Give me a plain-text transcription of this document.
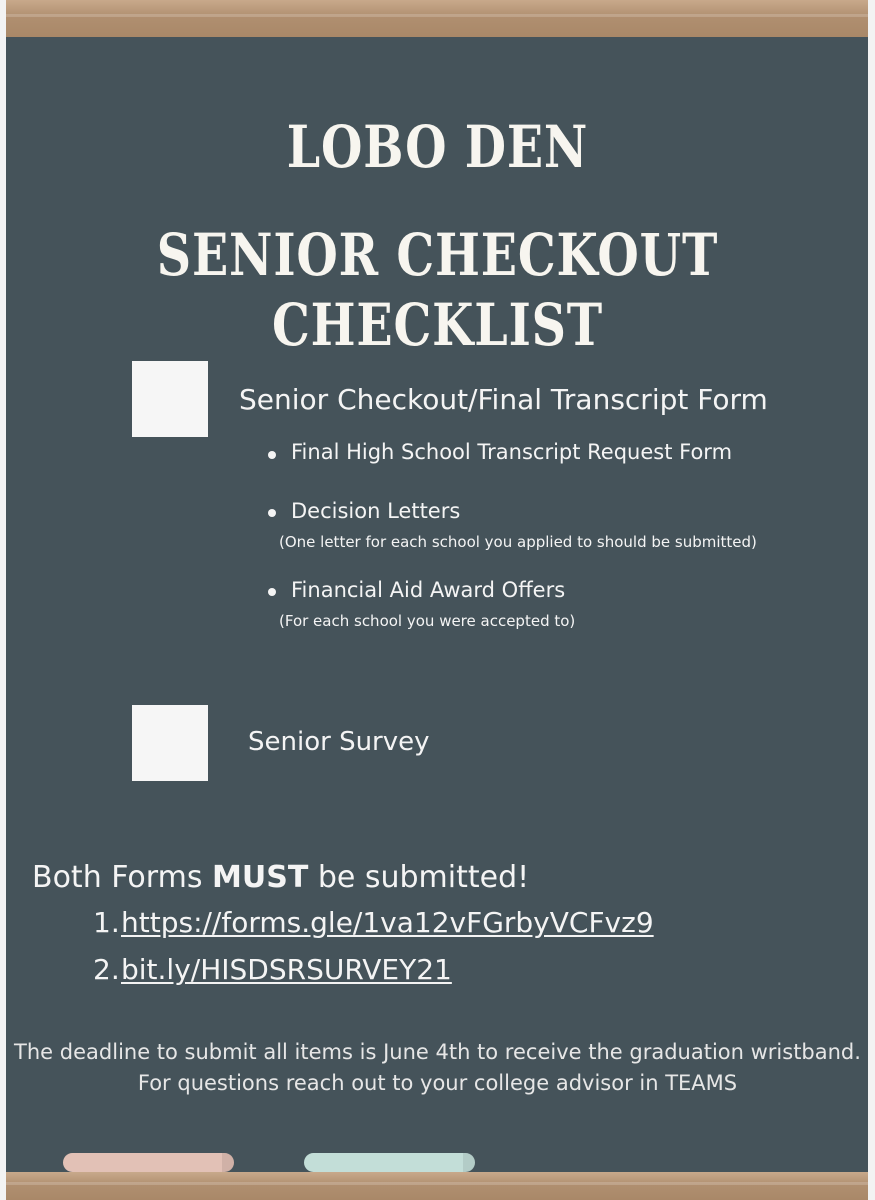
LOBO DEN
SENIOR CHECKOUT CHECKLIST
Senior Checkout/Final Transcript Form
Final High School Transcript Request Form
Decision Letters
(One letter for each school you applied to should be submitted)
Financial Aid Award Offers
(For each school you were accepted to)
Senior Survey
Both Forms MUST be submitted!
1.https://forms.gle/1va12vFGrbyVCFvz9
2.bit.ly/HISDSRSURVEY21
The deadline to submit all items is June 4th to receive the graduation wristband.
For questions reach out to your college advisor in TEAMS
